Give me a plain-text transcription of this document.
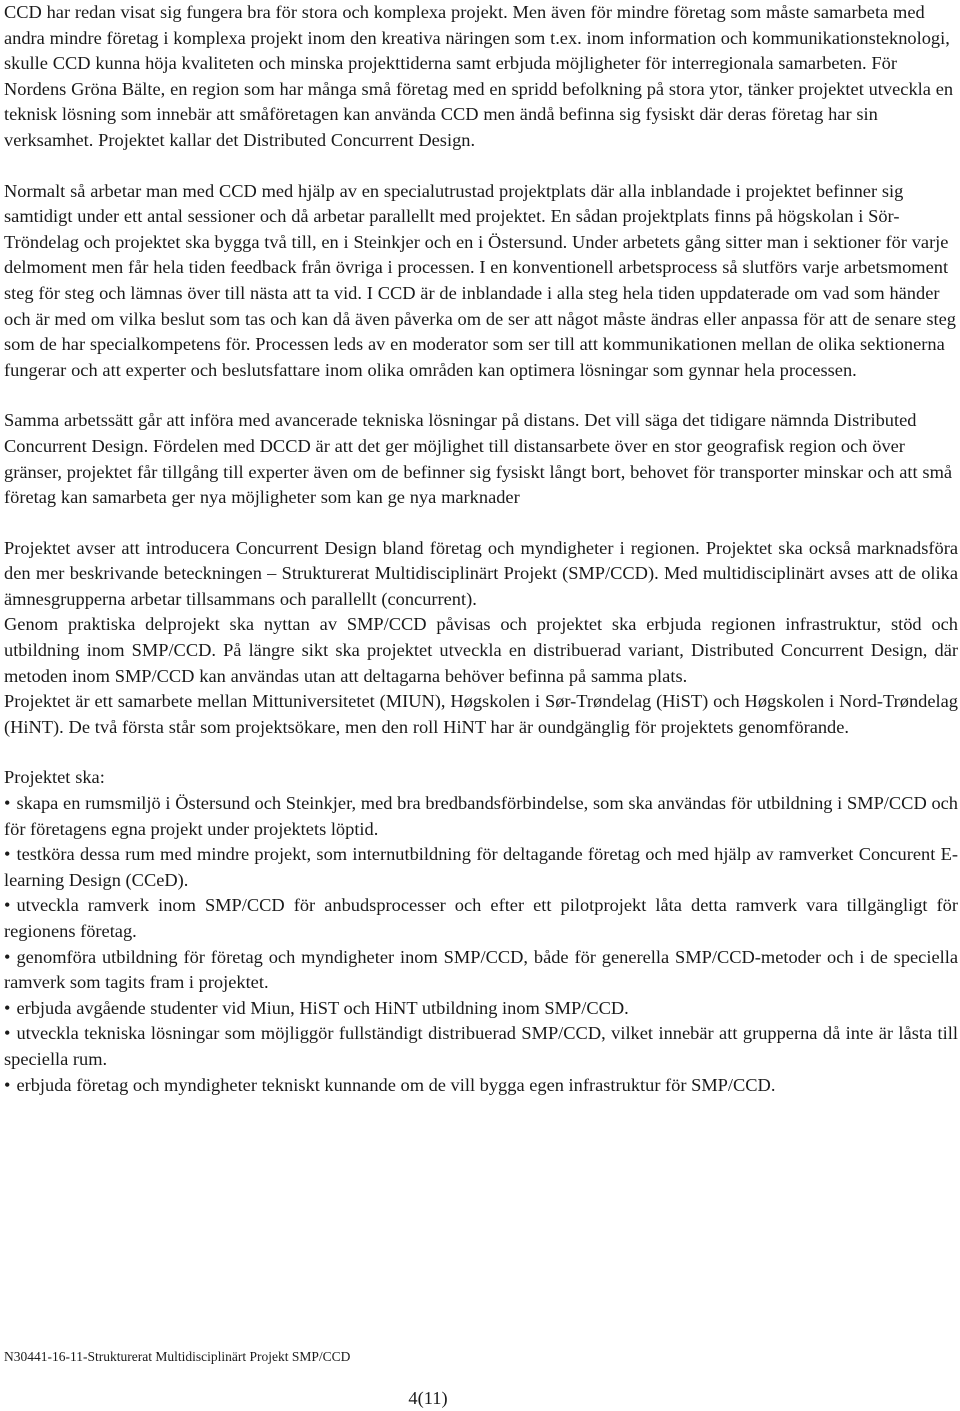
CCD har redan visat sig fungera bra för stora och komplexa projekt. Men även för mindre företag som måste samarbeta med andra mindre företag i komplexa projekt inom den kreativa näringen som t.ex. inom information och kommunikationsteknologi, skulle CCD kunna höja kvaliteten och minska projekttiderna samt erbjuda möjligheter för interregionala samarbeten. För Nordens Gröna Bälte, en region som har många små företag med en spridd befolkning på stora ytor, tänker projektet utveckla en teknisk lösning som innebär att småföretagen kan använda CCD men ändå befinna sig fysiskt där deras företag har sin verksamhet. Projektet kallar det Distributed Concurrent Design.

Normalt så arbetar man med CCD med hjälp av en specialutrustad projektplats där alla inblandade i projektet befinner sig samtidigt under ett antal sessioner och då arbetar parallellt med projektet. En sådan projektplats finns på högskolan i Sör-Tröndelag och projektet ska bygga två till, en i Steinkjer och en i Östersund. Under arbetets gång sitter man i sektioner för varje delmoment men får hela tiden feedback från övriga i processen. I en konventionell arbetsprocess så slutförs varje arbetsmoment steg för steg och lämnas över till nästa att ta vid. I CCD är de inblandade i alla steg hela tiden uppdaterade om vad som händer och är med om vilka beslut som tas och kan då även påverka om de ser att något måste ändras eller anpassa för att de senare steg som de har specialkompetens för. Processen leds av en moderator som ser till att kommunikationen mellan de olika sektionerna fungerar och att experter och beslutsfattare inom olika områden kan optimera lösningar som gynnar hela processen.

Samma arbetssätt går att införa med avancerade tekniska lösningar på distans. Det vill säga det tidigare nämnda Distributed Concurrent Design. Fördelen med DCCD är att det ger möjlighet till distansarbete över en stor geografisk region och över gränser, projektet får tillgång till experter även om de befinner sig fysiskt långt bort, behovet för transporter minskar och att små företag kan samarbeta ger nya möjligheter som kan ge nya marknader

Projektet avser att introducera Concurrent Design bland företag och myndigheter i regionen. Projektet ska också marknadsföra den mer beskrivande beteckningen – Strukturerat Multidisciplinärt Projekt (SMP/CCD). Med multidisciplinärt avses att de olika ämnesgrupperna arbetar tillsammans och parallellt (concurrent).

Genom praktiska delprojekt ska nyttan av SMP/CCD påvisas och projektet ska erbjuda regionen infrastruktur, stöd och utbildning inom SMP/CCD. På längre sikt ska projektet utveckla en distribuerad variant, Distributed Concurrent Design, där metoden inom SMP/CCD kan användas utan att deltagarna behöver befinna på samma plats.

Projektet är ett samarbete mellan Mittuniversitetet (MIUN), Høgskolen i Sør-Trøndelag (HiST) och Høgskolen i Nord-Trøndelag (HiNT). De två första står som projektsökare, men den roll HiNT har är oundgänglig för projektets genomförande.

Projektet ska:

• skapa en rumsmiljö i Östersund och Steinkjer, med bra bredbandsförbindelse, som ska användas för utbildning i SMP/CCD och för företagens egna projekt under projektets löptid.
• testköra dessa rum med mindre projekt, som internutbildning för deltagande företag och med hjälp av ramverket Concurent E-learning Design (CCeD).
• utveckla ramverk inom SMP/CCD för anbudsprocesser och efter ett pilotprojekt låta detta ramverk vara tillgängligt för regionens företag.
• genomföra utbildning för företag och myndigheter inom SMP/CCD, både för generella SMP/CCD-metoder och i de speciella ramverk som tagits fram i projektet.
• erbjuda avgående studenter vid Miun, HiST och HiNT utbildning inom SMP/CCD.
• utveckla tekniska lösningar som möjliggör fullständigt distribuerad SMP/CCD, vilket innebär att grupperna då inte är låsta till speciella rum.
• erbjuda företag och myndigheter tekniskt kunnande om de vill bygga egen infrastruktur för SMP/CCD.
N30441-16-11-Strukturerat Multidisciplinärt Projekt SMP/CCD
4(11)
